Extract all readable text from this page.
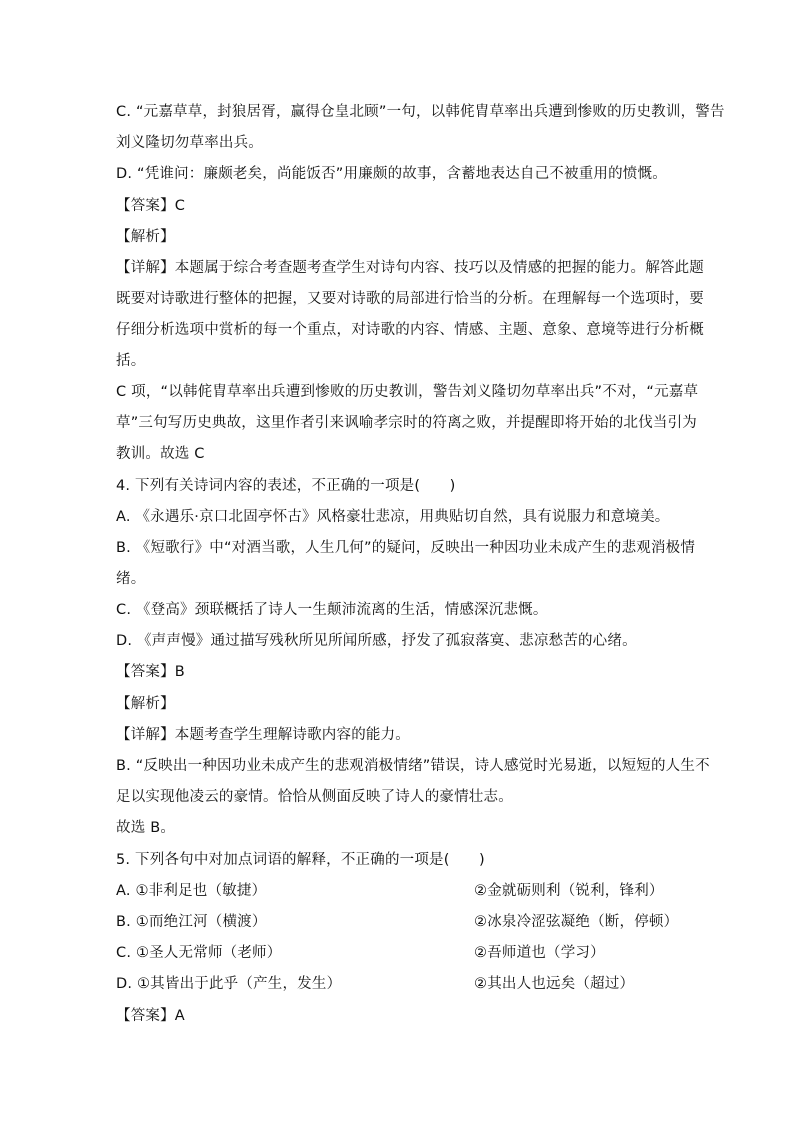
C. “元嘉草草，封狼居胥，赢得仓皇北顾”一句，以韩侂胄草率出兵遭到惨败的历史教训，警告
刘义隆切勿草率出兵。
D. “凭谁问：廉颇老矣，尚能饭否”用廉颇的故事，含蓄地表达自己不被重用的愤慨。
【答案】C
【解析】
【详解】本题属于综合考查题考查学生对诗句内容、技巧以及情感的把握的能力。解答此题
既要对诗歌进行整体的把握，又要对诗歌的局部进行恰当的分析。在理解每一个选项时，要
仔细分析选项中赏析的每一个重点，对诗歌的内容、情感、主题、意象、意境等进行分析概
括。
C 项，“以韩侂胄草率出兵遭到惨败的历史教训，警告刘义隆切勿草率出兵”不对，“元嘉草
草”三句写历史典故，这里作者引来讽喻孝宗时的符离之败，并提醒即将开始的北伐当引为
教训。故选 C
4. 下列有关诗词内容的表述，不正确的一项是(　　)
A. 《永遇乐·京口北固亭怀古》风格豪壮悲凉，用典贴切自然，具有说服力和意境美。
B. 《短歌行》中“对酒当歌，人生几何”的疑问，反映出一种因功业未成产生的悲观消极情
绪。
C. 《登高》颈联概括了诗人一生颠沛流离的生活，情感深沉悲慨。
D. 《声声慢》通过描写残秋所见所闻所感，抒发了孤寂落寞、悲凉愁苦的心绪。
【答案】B
【解析】
【详解】本题考查学生理解诗歌内容的能力。
B. “反映出一种因功业未成产生的悲观消极情绪”错误，诗人感觉时光易逝，以短短的人生不
足以实现他凌云的豪情。恰恰从侧面反映了诗人的豪情壮志。
故选 B。
5. 下列各句中对加点词语的解释，不正确的一项是(　　)
A. ①非利足也（敏捷）	②金就砺则利（锐利，锋利）
B. ①而绝江河（横渡）	②冰泉冷涩弦凝绝（断，停顿）
C. ①圣人无常师（老师）	②吾师道也（学习）
D. ①其皆出于此乎（产生，发生）	②其出人也远矣（超过）
【答案】A
